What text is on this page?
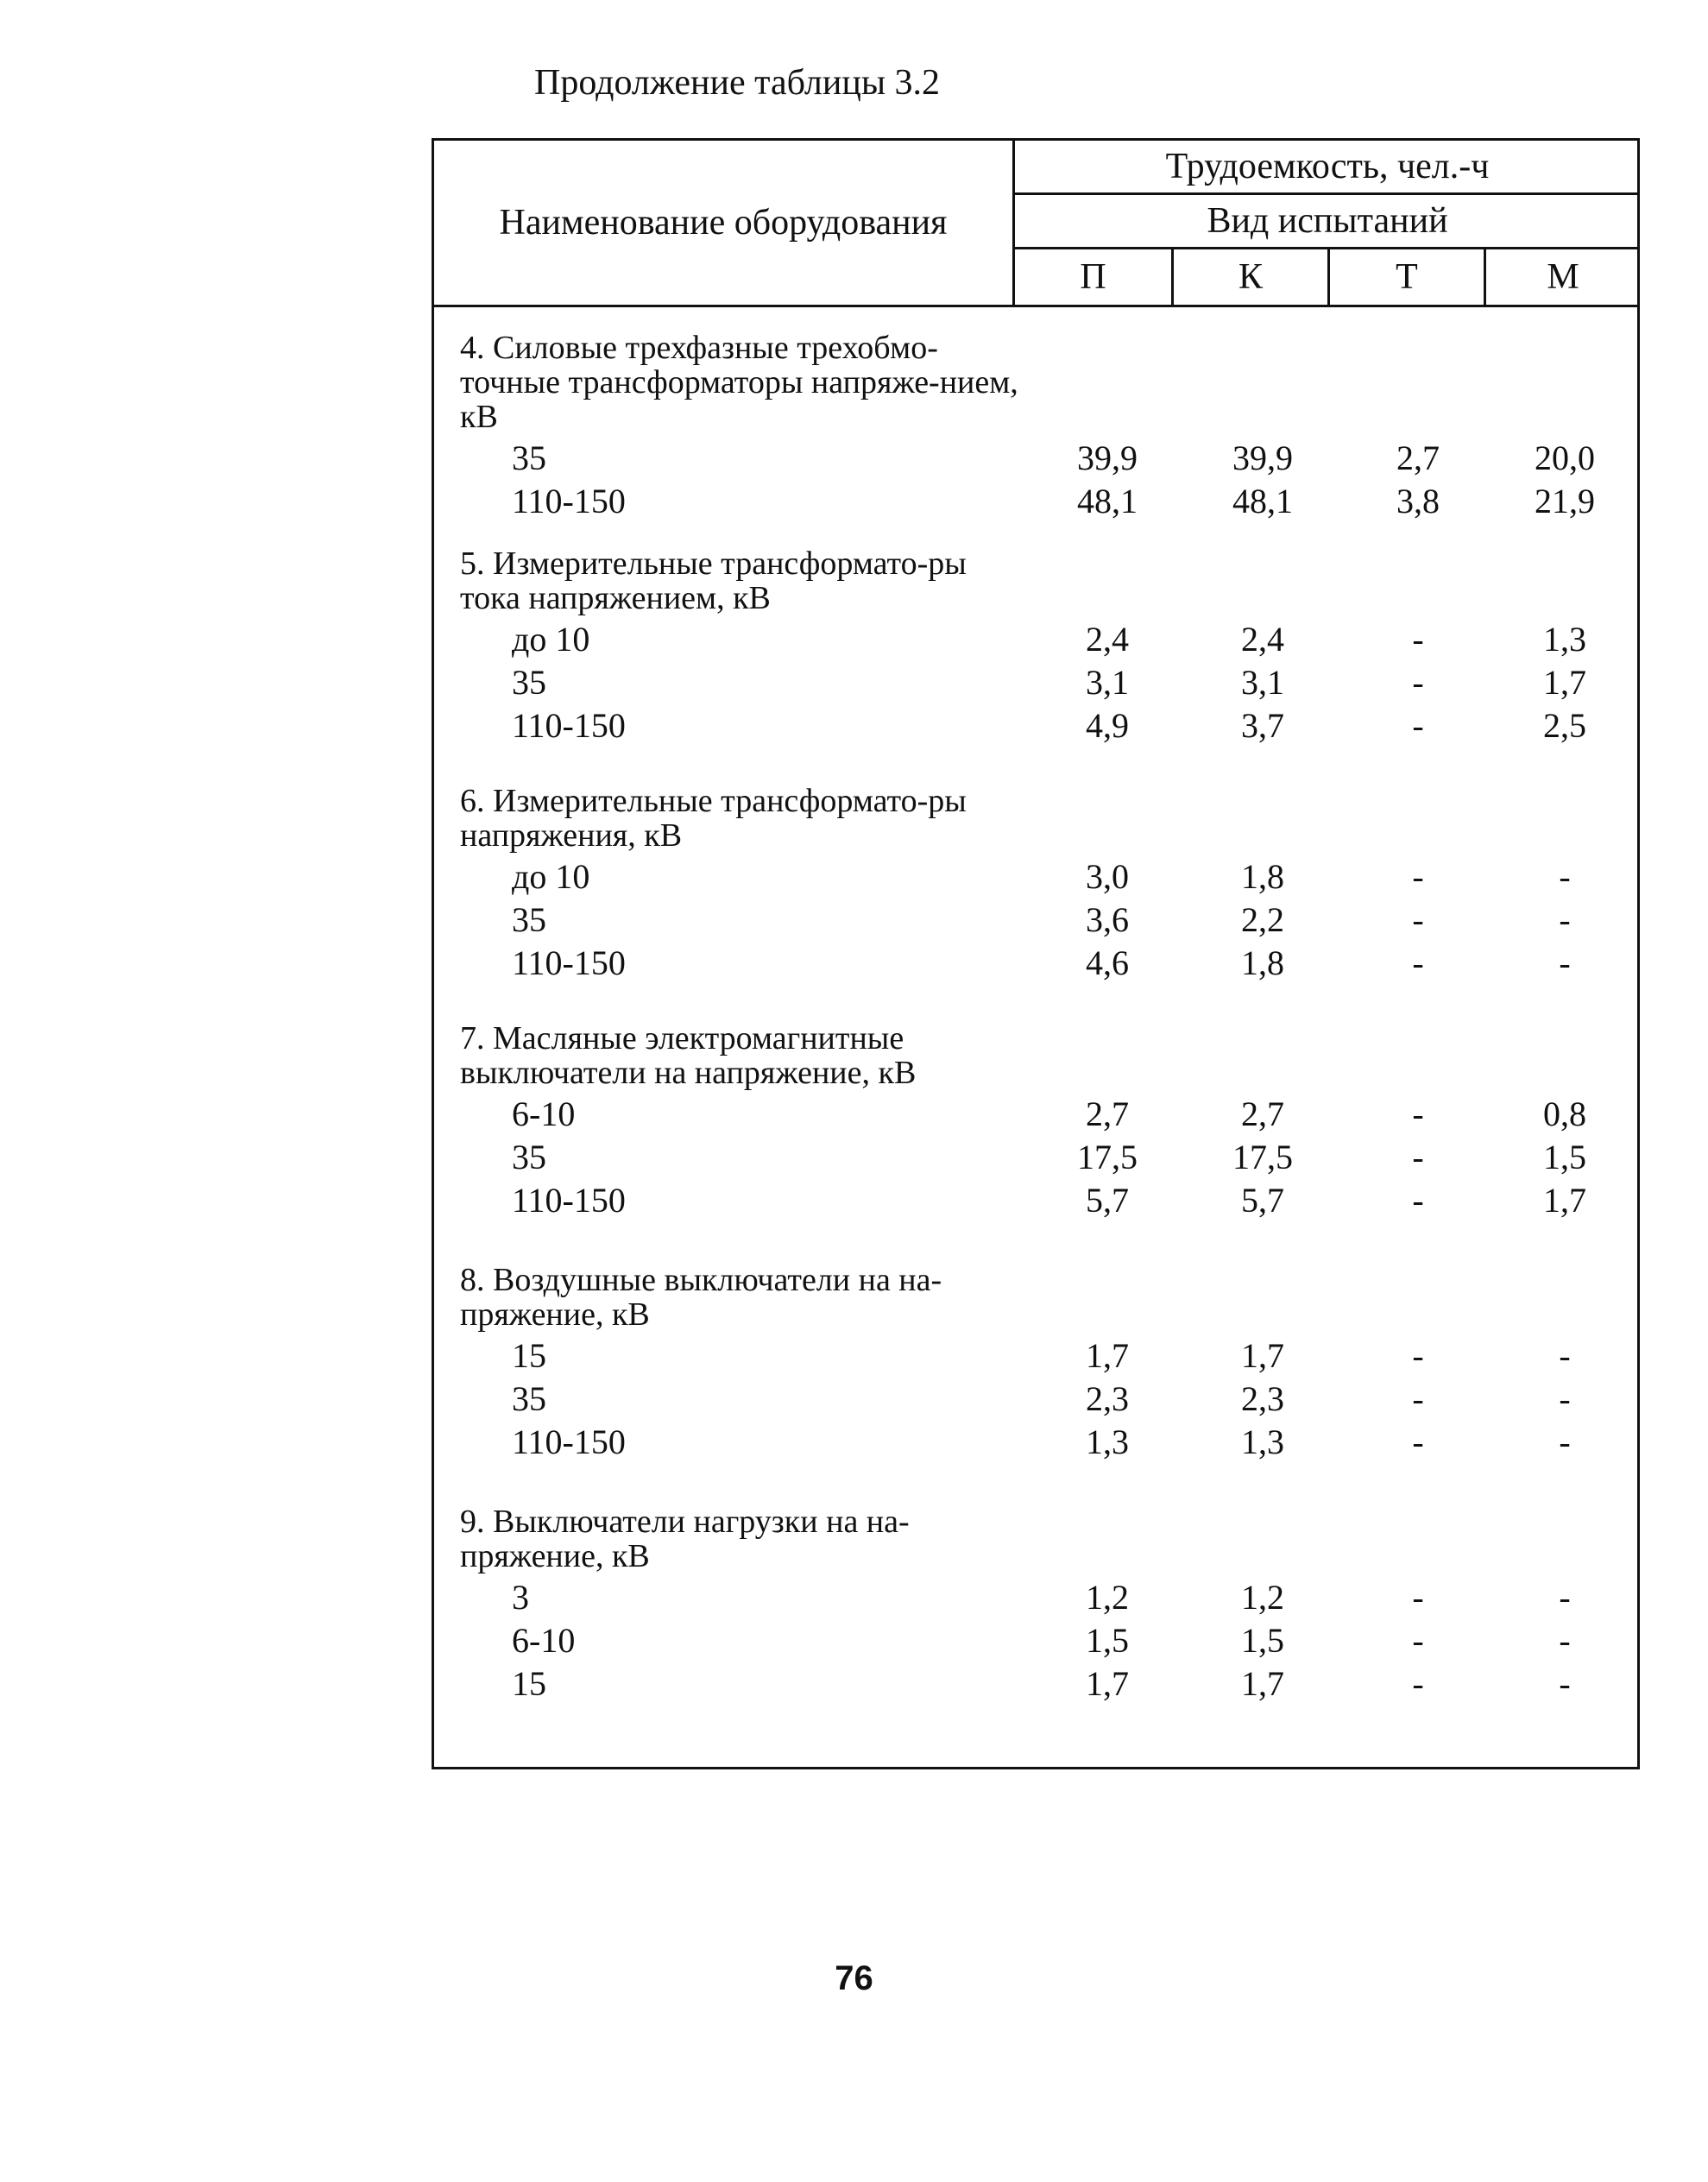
Продолжение таблицы 3.2
Наименование оборудования
Трудоемкость, чел.-ч
Вид испытаний
П	К	Т	М
4. Силовые трехфазные трехобмо-точные трансформаторы напряже-нием, кВ
35	39,9	39,9	2,7	20,0
110-150	48,1	48,1	3,8	21,9
5. Измерительные трансформато-ры тока напряжением, кВ
до 10	2,4	2,4	-	1,3
35	3,1	3,1	-	1,7
110-150	4,9	3,7	-	2,5
6. Измерительные трансформато-ры напряжения, кВ
до 10	3,0	1,8	-	-
35	3,6	2,2	-	-
110-150	4,6	1,8	-	-
7. Масляные электромагнитные выключатели на напряжение, кВ
6-10	2,7	2,7	-	0,8
35	17,5	17,5	-	1,5
110-150	5,7	5,7	-	1,7
8. Воздушные выключатели на на-пряжение, кВ
15	1,7	1,7	-	-
35	2,3	2,3	-	-
110-150	1,3	1,3	-	-
9. Выключатели нагрузки на на-пряжение, кВ
3	1,2	1,2	-	-
6-10	1,5	1,5	-	-
15	1,7	1,7	-	-
76
